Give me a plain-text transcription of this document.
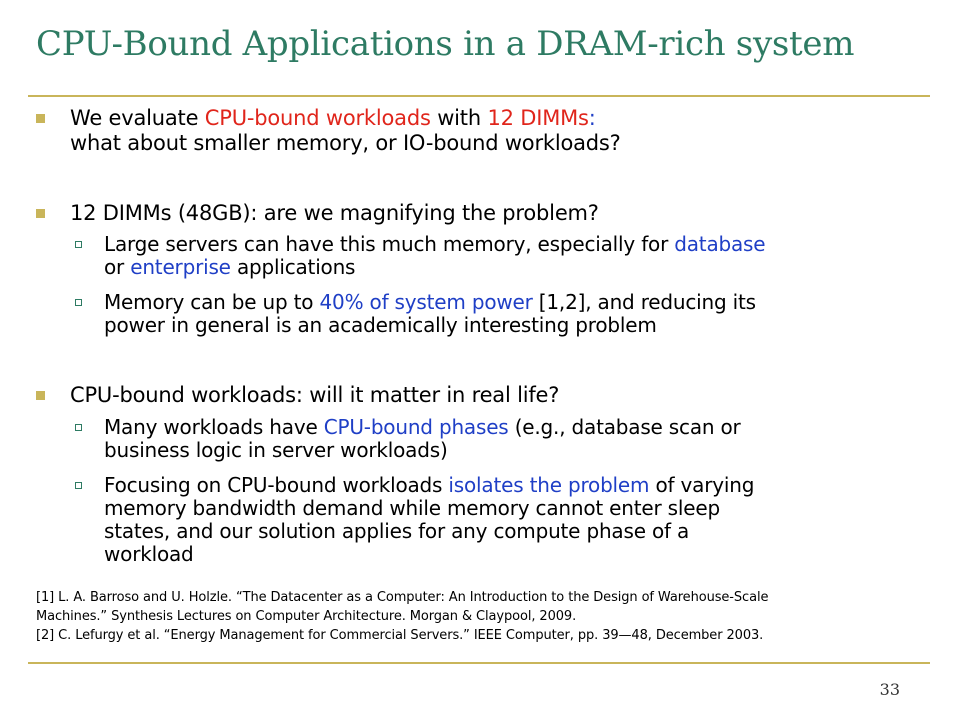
CPU-Bound Applications in a DRAM-rich system
We evaluate CPU-bound workloads with 12 DIMMs:
what about smaller memory, or IO-bound workloads?
12 DIMMs (48GB): are we magnifying the problem?
Large servers can have this much memory, especially for database
or enterprise applications
Memory can be up to 40% of system power [1,2], and reducing its
power in general is an academically interesting problem
CPU-bound workloads: will it matter in real life?
Many workloads have CPU-bound phases (e.g., database scan or
business logic in server workloads)
Focusing on CPU-bound workloads isolates the problem of varying
memory bandwidth demand while memory cannot enter sleep
states, and our solution applies for any compute phase of a
workload
[1] L. A. Barroso and U. Holzle. “The Datacenter as a Computer: An Introduction to the Design of Warehouse-Scale
Machines.” Synthesis Lectures on Computer Architecture. Morgan & Claypool, 2009.
[2] C. Lefurgy et al. “Energy Management for Commercial Servers.” IEEE Computer, pp. 39—48, December 2003.
33
